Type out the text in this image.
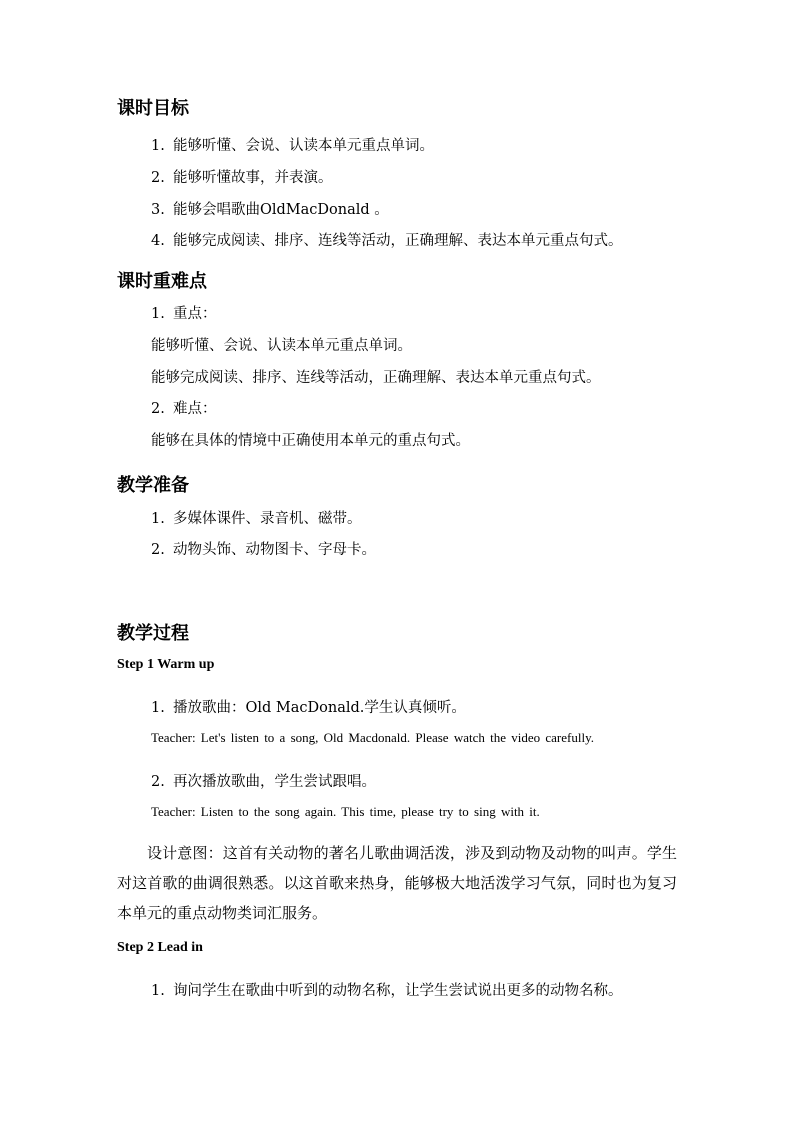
课时目标
1. 能够听懂、会说、认读本单元重点单词。
2. 能够听懂故事，并表演。
3. 能够会唱歌曲OldMacDonald 。
4. 能够完成阅读、排序、连线等活动，正确理解、表达本单元重点句式。
课时重难点
1. 重点：
能够听懂、会说、认读本单元重点单词。
能够完成阅读、排序、连线等活动，正确理解、表达本单元重点句式。
2. 难点：
能够在具体的情境中正确使用本单元的重点句式。
教学准备
1. 多媒体课件、录音机、磁带。
2. 动物头饰、动物图卡、字母卡。
教学过程
Step 1 Warm up
1. 播放歌曲：Old MacDonald.学生认真倾听。
Teacher: Let's listen to a song, Old Macdonald. Please watch the video carefully.
2. 再次播放歌曲，学生尝试跟唱。
Teacher: Listen to the song again. This time, please try to sing with it.
设计意图：这首有关动物的著名儿歌曲调活泼，涉及到动物及动物的叫声。学生对这首歌的曲调很熟悉。以这首歌来热身，能够极大地活泼学习气氛，同时也为复习本单元的重点动物类词汇服务。
Step 2 Lead in
1. 询问学生在歌曲中听到的动物名称，让学生尝试说出更多的动物名称。
